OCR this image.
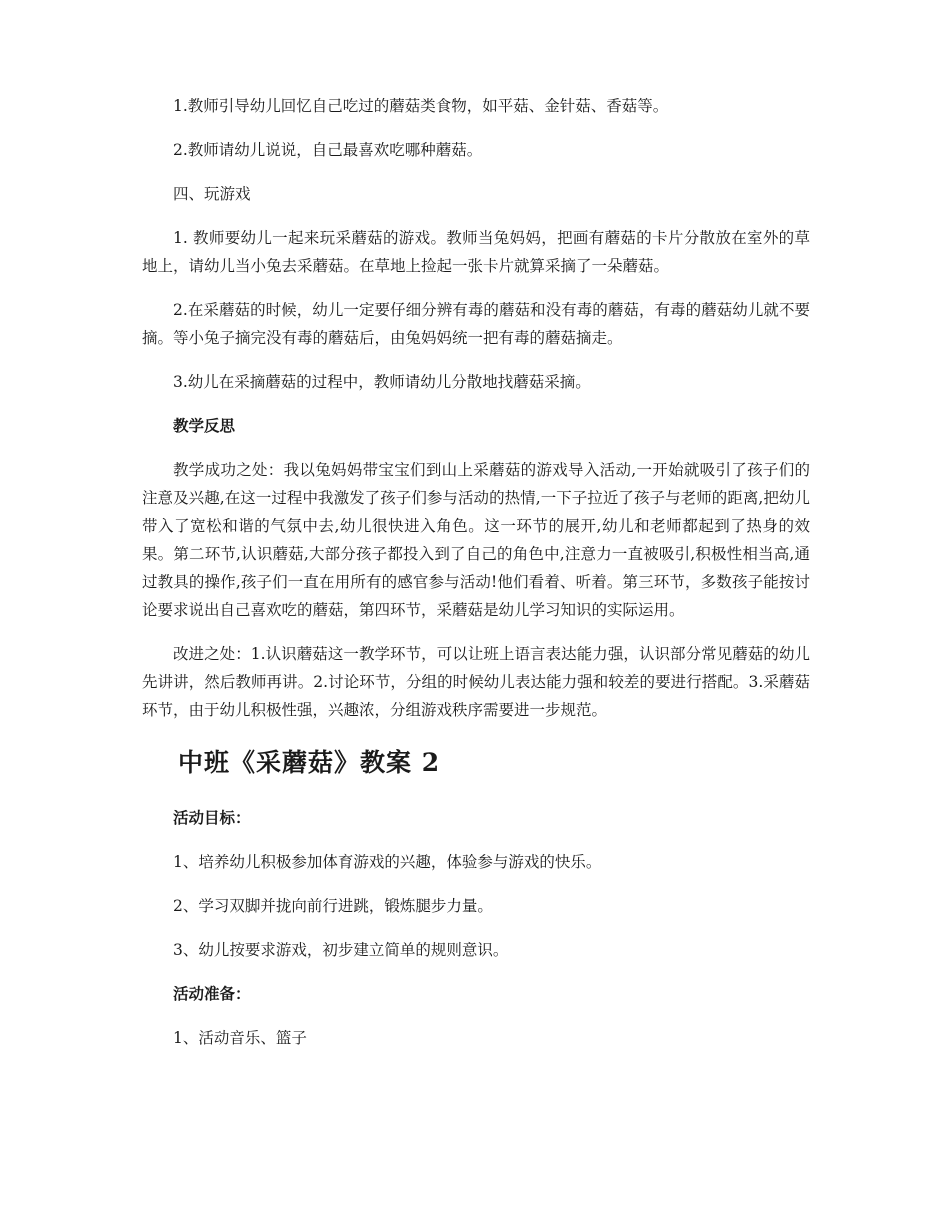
1.教师引导幼儿回忆自己吃过的蘑菇类食物，如平菇、金针菇、香菇等。

2.教师请幼儿说说，自己最喜欢吃哪种蘑菇。

四、玩游戏

1. 教师要幼儿一起来玩采蘑菇的游戏。教师当兔妈妈，把画有蘑菇的卡片分散放在室外的草地上，请幼儿当小兔去采蘑菇。在草地上捡起一张卡片就算采摘了一朵蘑菇。

2.在采蘑菇的时候，幼儿一定要仔细分辨有毒的蘑菇和没有毒的蘑菇，有毒的蘑菇幼儿就不要摘。等小兔子摘完没有毒的蘑菇后，由兔妈妈统一把有毒的蘑菇摘走。

3.幼儿在采摘蘑菇的过程中，教师请幼儿分散地找蘑菇采摘。

教学反思

教学成功之处：我以兔妈妈带宝宝们到山上采蘑菇的游戏导入活动,一开始就吸引了孩子们的注意及兴趣,在这一过程中我激发了孩子们参与活动的热情,一下子拉近了孩子与老师的距离,把幼儿带入了宽松和谐的气氛中去,幼儿很快进入角色。这一环节的展开,幼儿和老师都起到了热身的效果。第二环节,认识蘑菇,大部分孩子都投入到了自己的角色中,注意力一直被吸引,积极性相当高,通过教具的操作,孩子们一直在用所有的感官参与活动!他们看着、听着。第三环节，多数孩子能按讨论要求说出自己喜欢吃的蘑菇，第四环节，采蘑菇是幼儿学习知识的实际运用。

改进之处：1.认识蘑菇这一教学环节，可以让班上语言表达能力强，认识部分常见蘑菇的幼儿先讲讲，然后教师再讲。2.讨论环节，分组的时候幼儿表达能力强和较差的要进行搭配。3.采蘑菇环节，由于幼儿积极性强，兴趣浓，分组游戏秩序需要进一步规范。

中班《采蘑菇》教案 2

活动目标：

1、培养幼儿积极参加体育游戏的兴趣，体验参与游戏的快乐。

2、学习双脚并拢向前行进跳，锻炼腿步力量。

3、幼儿按要求游戏，初步建立简单的规则意识。

活动准备：

1、活动音乐、篮子
